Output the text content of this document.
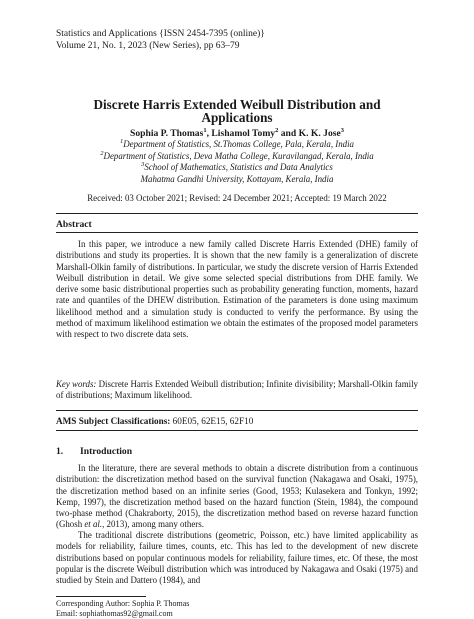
Statistics and Applications {ISSN 2454-7395 (online)}
Volume 21, No. 1, 2023 (New Series), pp 63–79
Discrete Harris Extended Weibull Distribution and
Applications
Sophia P. Thomas$^1$, Lishamol Tomy$^2$ and K. K. Jose$^3$
$^1$Department of Statistics, St.Thomas College, Pala, Kerala, India
$^2$Department of Statistics, Deva Matha College, Kuravilangad, Kerala, India
$^3$School of Mathematics, Statistics and Data Analytics
Mahatma Gandhi University, Kottayam, Kerala, India
Received: 03 October 2021; Revised: 24 December 2021; Accepted: 19 March 2022
Abstract
In this paper, we introduce a new family called Discrete Harris Extended (DHE) family of distributions and study its properties. It is shown that the new family is a generalization of discrete Marshall-Olkin family of distributions. In particular, we study the discrete version of Harris Extended Weibull distribution in detail. We give some selected special distributions from DHE family. We derive some basic distributional properties such as probability generating function, moments, hazard rate and quantiles of the DHEW distribution. Estimation of the parameters is done using maximum likelihood method and a simulation study is conducted to verify the performance. By using the method of maximum likelihood estimation we obtain the estimates of the proposed model parameters with respect to two discrete data sets.
Key words: Discrete Harris Extended Weibull distribution; Infinite divisibility; Marshall-Olkin family of distributions; Maximum likelihood.
AMS Subject Classifications: 60E05, 62E15, 62F10
1. Introduction
In the literature, there are several methods to obtain a discrete distribution from a continuous distribution: the discretization method based on the survival function (Nakagawa and Osaki, 1975), the discretization method based on an infinite series (Good, 1953; Kulasekera and Tonkyn, 1992; Kemp, 1997), the discretization method based on the hazard function (Stein, 1984), the compound two-phase method (Chakraborty, 2015), the discretization method based on reverse hazard function (Ghosh et al., 2013), among many others.
The traditional discrete distributions (geometric, Poisson, etc.) have limited applicability as models for reliability, failure times, counts, etc. This has led to the development of new discrete distributions based on popular continuous models for reliability, failure times, etc. Of these, the most popular is the discrete Weibull distribution which was introduced by Nakagawa and Osaki (1975) and studied by Stein and Dattero (1984), and
Corresponding Author: Sophia P. Thomas
Email: sophiathomas92@gmail.com
